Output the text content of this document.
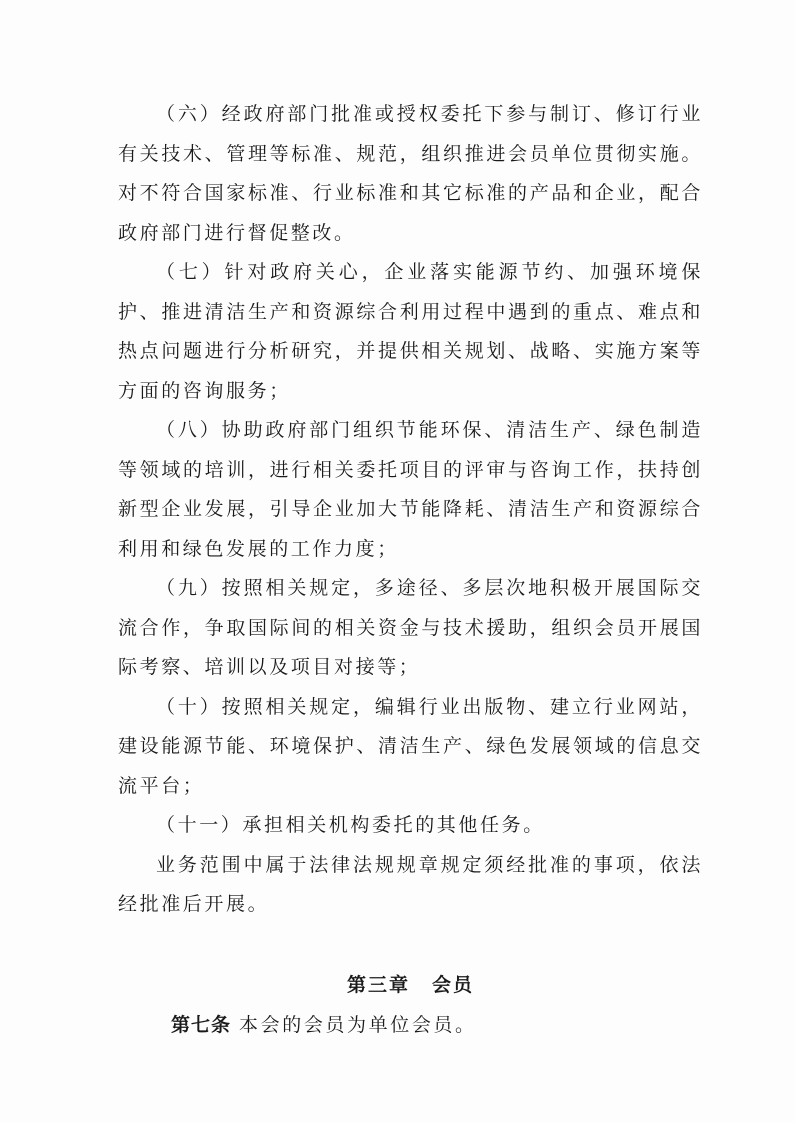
（六）经政府部门批准或授权委托下参与制订、修订行业有关技术、管理等标准、规范，组织推进会员单位贯彻实施。对不符合国家标准、行业标准和其它标准的产品和企业，配合政府部门进行督促整改。

（七）针对政府关心，企业落实能源节约、加强环境保护、推进清洁生产和资源综合利用过程中遇到的重点、难点和热点问题进行分析研究，并提供相关规划、战略、实施方案等方面的咨询服务；

（八）协助政府部门组织节能环保、清洁生产、绿色制造等领域的培训，进行相关委托项目的评审与咨询工作，扶持创新型企业发展，引导企业加大节能降耗、清洁生产和资源综合利用和绿色发展的工作力度；

（九）按照相关规定，多途径、多层次地积极开展国际交流合作，争取国际间的相关资金与技术援助，组织会员开展国际考察、培训以及项目对接等；

（十）按照相关规定，编辑行业出版物、建立行业网站，建设能源节能、环境保护、清洁生产、绿色发展领域的信息交流平台；

（十一）承担相关机构委托的其他任务。

业务范围中属于法律法规规章规定须经批准的事项，依法经批准后开展。

第三章 会员

第七条 本会的会员为单位会员。
